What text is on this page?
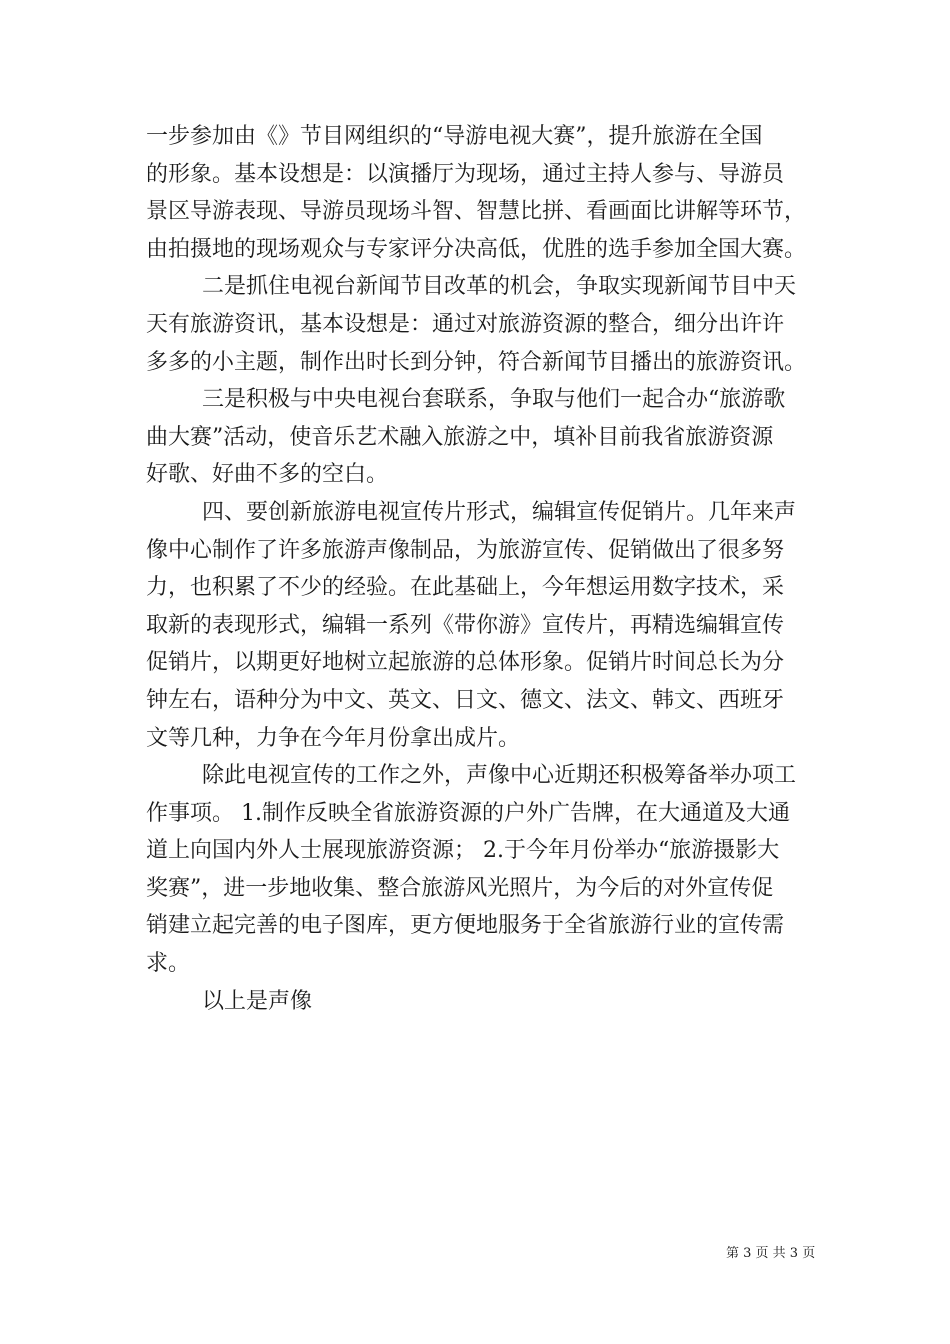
一步参加由《》节目网组织的“导游电视大赛”，提升旅游在全国
的形象。基本设想是：以演播厅为现场，通过主持人参与、导游员
景区导游表现、导游员现场斗智、智慧比拼、看画面比讲解等环节，
由拍摄地的现场观众与专家评分决高低，优胜的选手参加全国大赛。
二是抓住电视台新闻节目改革的机会，争取实现新闻节目中天
天有旅游资讯，基本设想是：通过对旅游资源的整合，细分出许许
多多的小主题，制作出时长到分钟，符合新闻节目播出的旅游资讯。
三是积极与中央电视台套联系，争取与他们一起合办“旅游歌
曲大赛”活动，使音乐艺术融入旅游之中，填补目前我省旅游资源
好歌、好曲不多的空白。
四、要创新旅游电视宣传片形式，编辑宣传促销片。几年来声
像中心制作了许多旅游声像制品，为旅游宣传、促销做出了很多努
力，也积累了不少的经验。在此基础上，今年想运用数字技术，采
取新的表现形式，编辑一系列《带你游》宣传片，再精选编辑宣传
促销片，以期更好地树立起旅游的总体形象。促销片时间总长为分
钟左右，语种分为中文、英文、日文、德文、法文、韩文、西班牙
文等几种，力争在今年月份拿出成片。
除此电视宣传的工作之外，声像中心近期还积极筹备举办项工
作事项。 1.制作反映全省旅游资源的户外广告牌，在大通道及大通
道上向国内外人士展现旅游资源； 2.于今年月份举办“旅游摄影大
奖赛”，进一步地收集、整合旅游风光照片，为今后的对外宣传促
销建立起完善的电子图库，更方便地服务于全省旅游行业的宣传需
求。
以上是声像
第 3 页 共 3 页
